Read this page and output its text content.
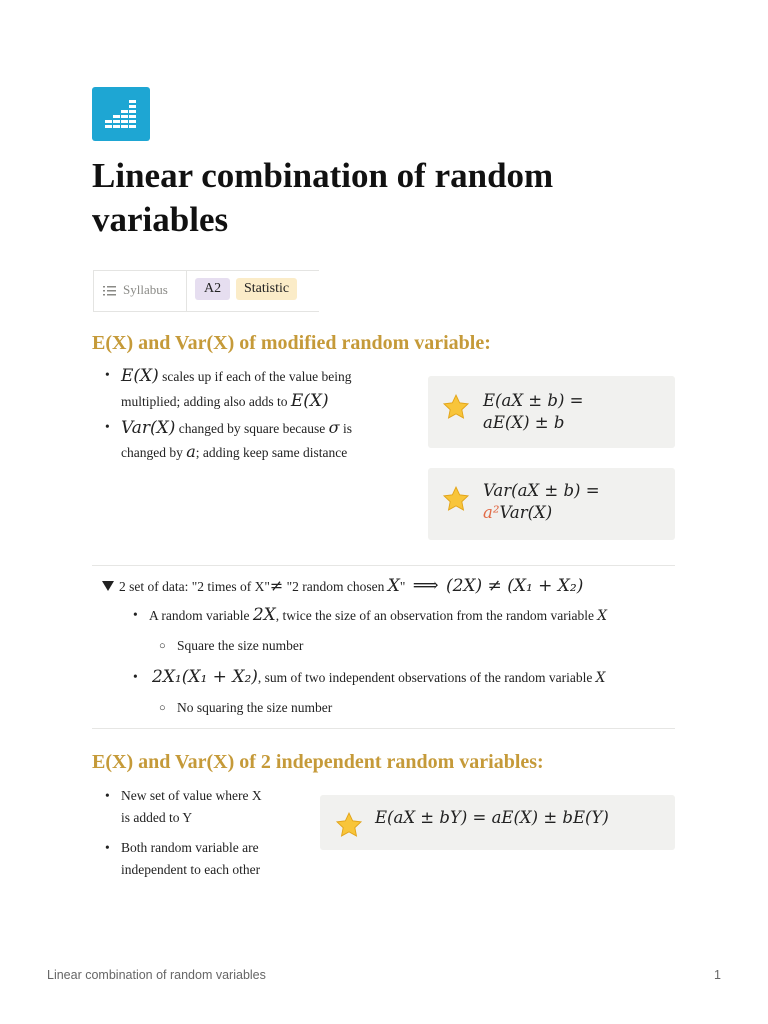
Linear combination of random
variables
Syllabus	A2	Statistic
E(X) and Var(X) of modified random variable:
• E(X) scales up if each of the value being
multiplied; adding also adds to E(X)
• Var(X) changed by square because σ is
changed by a; adding keep same distance
E(aX ± b) =
aE(X) ± b
Var(aX ± b) =
a²Var(X)
2 set of data: "2 times of X"≠ "2 random chosen X" ⟹ (2X) ≠ (X₁ + X₂)
• A random variable 2X, twice the size of an observation from the random variable X
○ Square the size number
• 2X₁(X₁ + X₂), sum of two independent observations of the random variable X
○ No squaring the size number
E(X) and Var(X) of 2 independent random variables:
• New set of value where X
is added to Y
• Both random variable are
independent to each other
E(aX ± bY) = aE(X) ± bE(Y)
Linear combination of random variables	1
